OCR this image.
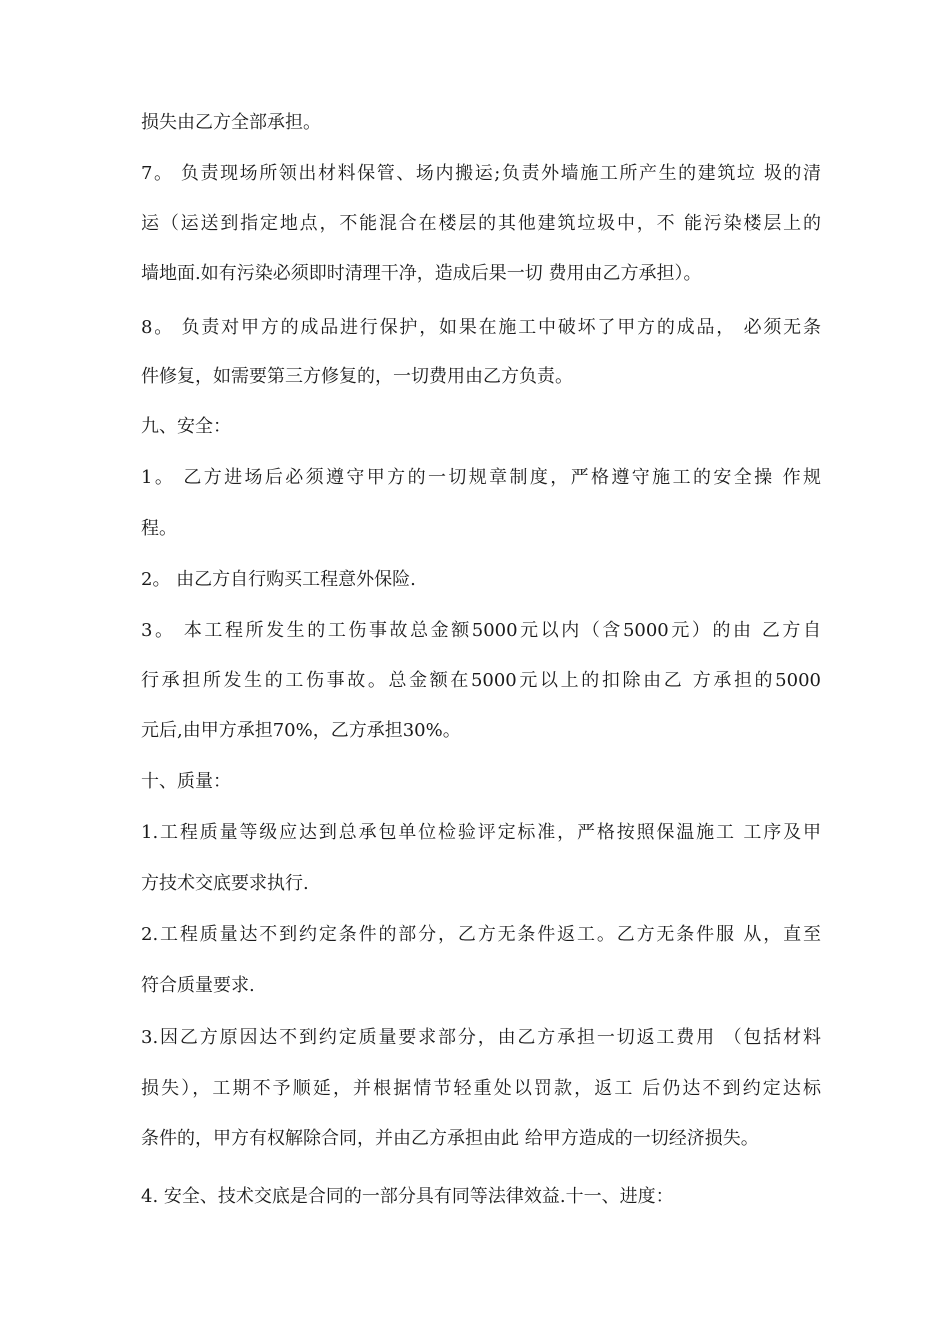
损失由乙方全部承担。
7。 负责现场所领出材料保管、场内搬运;负责外墙施工所产生的建筑垃 圾的清
运（运送到指定地点，不能混合在楼层的其他建筑垃圾中，不 能污染楼层上的
墙地面.如有污染必须即时清理干净，造成后果一切 费用由乙方承担）。
8。 负责对甲方的成品进行保护，如果在施工中破坏了甲方的成品， 必须无条
件修复，如需要第三方修复的，一切费用由乙方负责。
九、安全：
1。 乙方进场后必须遵守甲方的一切规章制度，严格遵守施工的安全操 作规
程。
2。 由乙方自行购买工程意外保险.
3。 本工程所发生的工伤事故总金额5000元以内（含5000元）的由 乙方自
行承担所发生的工伤事故。总金额在5000元以上的扣除由乙 方承担的5000
元后,由甲方承担70%，乙方承担30%。
十、质量：
1.工程质量等级应达到总承包单位检验评定标准，严格按照保温施工 工序及甲
方技术交底要求执行.
2.工程质量达不到约定条件的部分，乙方无条件返工。乙方无条件服 从，直至
符合质量要求.
3.因乙方原因达不到约定质量要求部分，由乙方承担一切返工费用 （包括材料
损失），工期不予顺延，并根据情节轻重处以罚款，返工 后仍达不到约定达标
条件的，甲方有权解除合同，并由乙方承担由此 给甲方造成的一切经济损失。
4. 安全、技术交底是合同的一部分具有同等法律效益.十一、进度：
